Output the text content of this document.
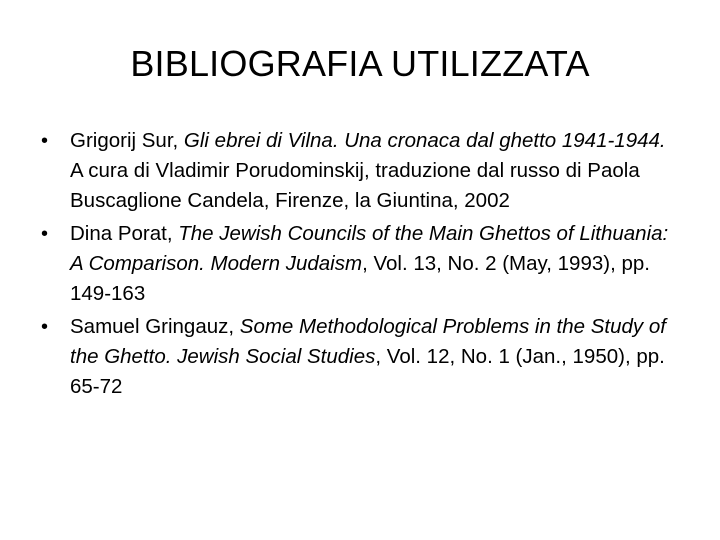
BIBLIOGRAFIA UTILIZZATA
•	Grigorij Sur, Gli ebrei di Vilna. Una cronaca dal ghetto 1941-1944. A cura di Vladimir Porudominskij, traduzione dal russo di Paola Buscaglione Candela, Firenze, la Giuntina, 2002
•	Dina Porat, The Jewish Councils of the Main Ghettos of Lithuania: A Comparison. Modern Judaism, Vol. 13, No. 2 (May, 1993), pp. 149-163
•	Samuel Gringauz, Some Methodological Problems in the Study of the Ghetto. Jewish Social Studies, Vol. 12, No. 1 (Jan., 1950), pp. 65-72
